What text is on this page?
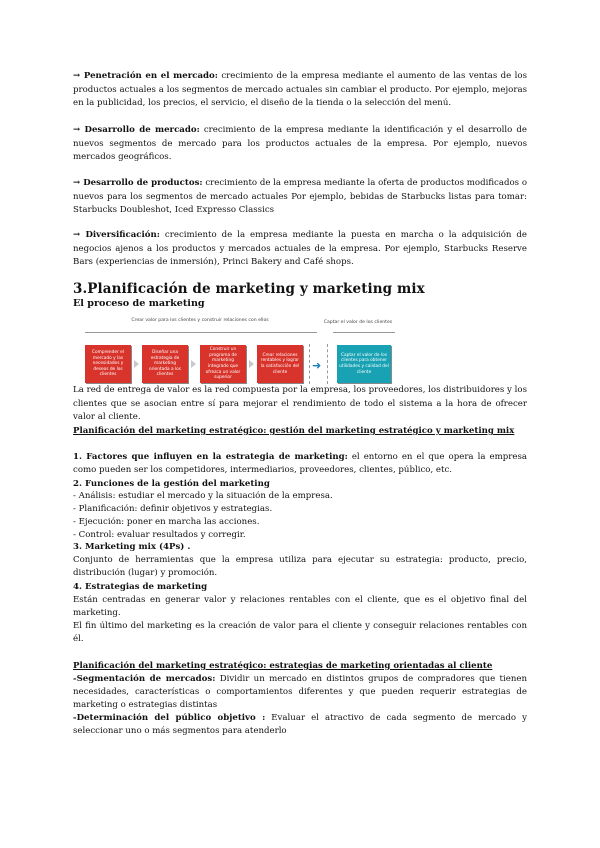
→ Penetración en el mercado: crecimiento de la empresa mediante el aumento de las ventas de los productos actuales a los segmentos de mercado actuales sin cambiar el producto. Por ejemplo, mejoras en la publicidad, los precios, el servicio, el diseño de la tienda o la selección del menú.
→ Desarrollo de mercado: crecimiento de la empresa mediante la identificación y el desarrollo de nuevos segmentos de mercado para los productos actuales de la empresa. Por ejemplo, nuevos mercados geográficos.
→ Desarrollo de productos: crecimiento de la empresa mediante la oferta de productos modificados o nuevos para los segmentos de mercado actuales Por ejemplo, bebidas de Starbucks listas para tomar: Starbucks Doubleshot, Iced Expresso Classics
→ Diversificación: crecimiento de la empresa mediante la puesta en marcha o la adquisición de negocios ajenos a los productos y mercados actuales de la empresa. Por ejemplo, Starbucks Reserve Bars (experiencias de inmersión), Princi Bakery and Café shops.
3.Planificación de marketing y marketing mix
El proceso de marketing
Crear valor para los clientes y construir relaciones con ellos	Captar el valor de los clientes
Comprender el mercado y las necesidades y deseos de los clientes
Diseñar una estrategia de marketing orientada a los clientes
Construir un programa de marketing integrado que ofrezca un valor superior
Crear relaciones rentables y lograr la satisfacción del cliente
➜
Captar el valor de los clientes para obtener utilidades y calidad del cliente
La red de entrega de valor es la red compuesta por la empresa, los proveedores, los distribuidores y los clientes que se asocian entre sí para mejorar el rendimiento de todo el sistema a la hora de ofrecer valor al cliente.
Planificación del marketing estratégico: gestión del marketing estratégico y marketing mix
1. Factores que influyen en la estrategia de marketing: el entorno en el que opera la empresa como pueden ser los competidores, intermediarios, proveedores, clientes, público, etc.
2. Funciones de la gestión del marketing
- Análisis: estudiar el mercado y la situación de la empresa.
- Planificación: definir objetivos y estrategias.
- Ejecución: poner en marcha las acciones.
- Control: evaluar resultados y corregir.
3. Marketing mix (4Ps) .
Conjunto de herramientas que la empresa utiliza para ejecutar su estrategia: producto, precio, distribución (lugar) y promoción.
4. Estrategias de marketing
Están centradas en generar valor y relaciones rentables con el cliente, que es el objetivo final del marketing.
El fin último del marketing es la creación de valor para el cliente y conseguir relaciones rentables con él.
Planificación del marketing estratégico: estrategias de marketing orientadas al cliente
-Segmentación de mercados: Dividir un mercado en distintos grupos de compradores que tienen necesidades, características o comportamientos diferentes y que pueden requerir estrategias de marketing o estrategias distintas
-Determinación del público objetivo : Evaluar el atractivo de cada segmento de mercado y seleccionar uno o más segmentos para atenderlo
